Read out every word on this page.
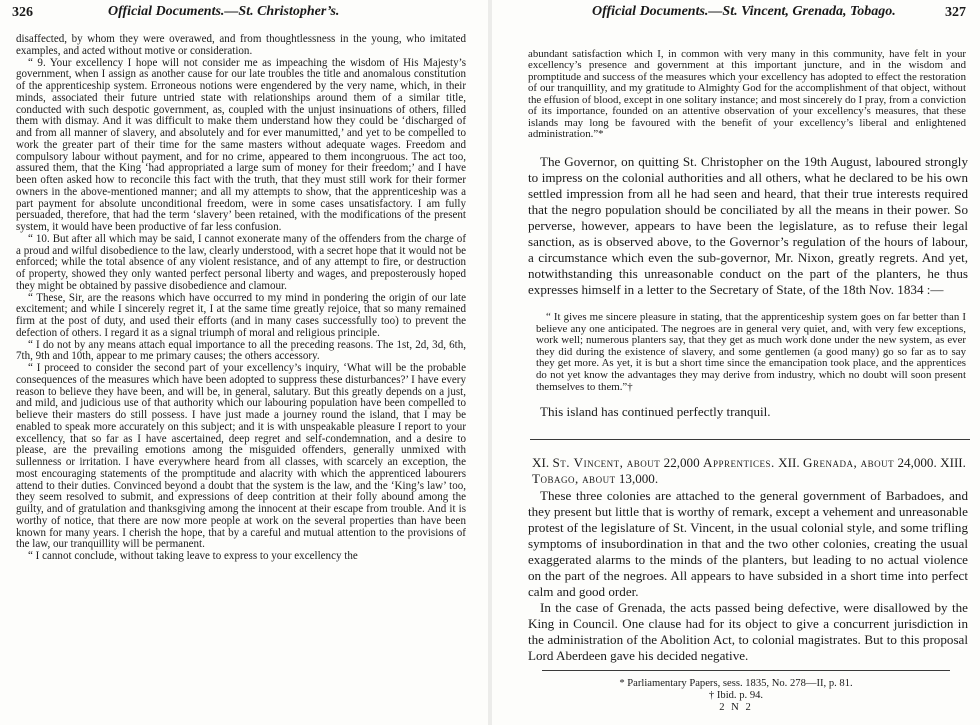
326	Official Documents.—St. Christopher’s.

disaffected, by whom they were overawed, and from thoughtlessness in the young, who imitated examples, and acted without motive or consideration.

“ 9. Your excellency I hope will not consider me as impeaching the wisdom of His Majesty’s government, when I assign as another cause for our late troubles the title and anomalous constitution of the apprenticeship system. Erroneous notions were engendered by the very name, which, in their minds, associated their future untried state with relationships around them of a similar title, conducted with such despotic government, as, coupled with the unjust insinuations of others, filled them with dismay. And it was difficult to make them understand how they could be ‘discharged of and from all manner of slavery, and absolutely and for ever manumitted,’ and yet to be compelled to work the greater part of their time for the same masters without adequate wages. Freedom and compulsory labour without payment, and for no crime, appeared to them incongruous. The act too, assured them, that the King ‘had appropriated a large sum of money for their freedom;’ and I have been often asked how to reconcile this fact with the truth, that they must still work for their former owners in the above-mentioned manner; and all my attempts to show, that the apprenticeship was a part payment for absolute unconditional freedom, were in some cases unsatisfactory. I am fully persuaded, therefore, that had the term ‘slavery’ been retained, with the modifications of the present system, it would have been productive of far less confusion.

“ 10. But after all which may be said, I cannot exonerate many of the offenders from the charge of a proud and wilful disobedience to the law, clearly understood, with a secret hope that it would not be enforced; while the total absence of any violent resistance, and of any attempt to fire, or destruction of property, showed they only wanted perfect personal liberty and wages, and preposterously hoped they might be obtained by passive disobedience and clamour.

“ These, Sir, are the reasons which have occurred to my mind in pondering the origin of our late excitement; and while I sincerely regret it, I at the same time greatly rejoice, that so many remained firm at the post of duty, and used their efforts (and in many cases successfully too) to prevent the defection of others. I regard it as a signal triumph of moral and religious principle.

“ I do not by any means attach equal importance to all the preceding reasons. The 1st, 2d, 3d, 6th, 7th, 9th and 10th, appear to me primary causes; the others accessory.

“ I proceed to consider the second part of your excellency’s inquiry, ‘What will be the probable consequences of the measures which have been adopted to suppress these disturbances?’ I have every reason to believe they have been, and will be, in general, salutary. But this greatly depends on a just, and mild, and judicious use of that authority which our labouring population have been compelled to believe their masters do still possess. I have just made a journey round the island, that I may be enabled to speak more accurately on this subject; and it is with unspeakable pleasure I report to your excellency, that so far as I have ascertained, deep regret and self-condemnation, and a desire to please, are the prevailing emotions among the misguided offenders, generally unmixed with sullenness or irritation. I have everywhere heard from all classes, with scarcely an exception, the most encouraging statements of the promptitude and alacrity with which the apprenticed labourers attend to their duties. Convinced beyond a doubt that the system is the law, and the ‘King’s law’ too, they seem resolved to submit, and expressions of deep contrition at their folly abound among the guilty, and of gratulation and thanksgiving among the innocent at their escape from trouble. And it is worthy of notice, that there are now more people at work on the several properties than have been known for many years. I cherish the hope, that by a careful and mutual attention to the provisions of the law, our tranquillity will be permanent.

“ I cannot conclude, without taking leave to express to your excellency the

Official Documents.—St. Vincent, Grenada, Tobago.	327

abundant satisfaction which I, in common with very many in this community, have felt in your excellency’s presence and government at this important juncture, and in the wisdom and promptitude and success of the measures which your excellency has adopted to effect the restoration of our tranquillity, and my gratitude to Almighty God for the accomplishment of that object, without the effusion of blood, except in one solitary instance; and most sincerely do I pray, from a conviction of its importance, founded on an attentive observation of your excellency’s measures, that these islands may long be favoured with the benefit of your excellency’s liberal and enlightened administration.”*

The Governor, on quitting St. Christopher on the 19th August, laboured strongly to impress on the colonial authorities and all others, what he declared to be his own settled impression from all he had seen and heard, that their true interests required that the negro population should be conciliated by all the means in their power. So perverse, however, appears to have been the legislature, as to refuse their legal sanction, as is observed above, to the Governor’s regulation of the hours of labour, a circumstance which even the sub-governor, Mr. Nixon, greatly regrets. And yet, notwithstanding this unreasonable conduct on the part of the planters, he thus expresses himself in a letter to the Secretary of State, of the 18th Nov. 1834 :—

“ It gives me sincere pleasure in stating, that the apprenticeship system goes on far better than I believe any one anticipated. The negroes are in general very quiet, and, with very few exceptions, work well; numerous planters say, that they get as much work done under the new system, as ever they did during the existence of slavery, and some gentlemen (a good many) go so far as to say they get more. As yet, it is but a short time since the emancipation took place, and the apprentices do not yet know the advantages they may derive from industry, which no doubt will soon present themselves to them.”†

This island has continued perfectly tranquil.

XI. St. Vincent, about 22,000 Apprentices. XII. Grenada, about 24,000. XIII. Tobago, about 13,000.

These three colonies are attached to the general government of Barbadoes, and they present but little that is worthy of remark, except a vehement and unreasonable protest of the legislature of St. Vincent, in the usual colonial style, and some trifling symptoms of insubordination in that and the two other colonies, creating the usual exaggerated alarms to the minds of the planters, but leading to no actual violence on the part of the negroes. All appears to have subsided in a short time into perfect calm and good order.

In the case of Grenada, the acts passed being defective, were disallowed by the King in Council. One clause had for its object to give a concurrent jurisdiction in the administration of the Abolition Act, to colonial magistrates. But to this proposal Lord Aberdeen gave his decided negative.

* Parliamentary Papers, sess. 1835, No. 278—II, p. 81.
† Ibid. p. 94.
2 N 2
